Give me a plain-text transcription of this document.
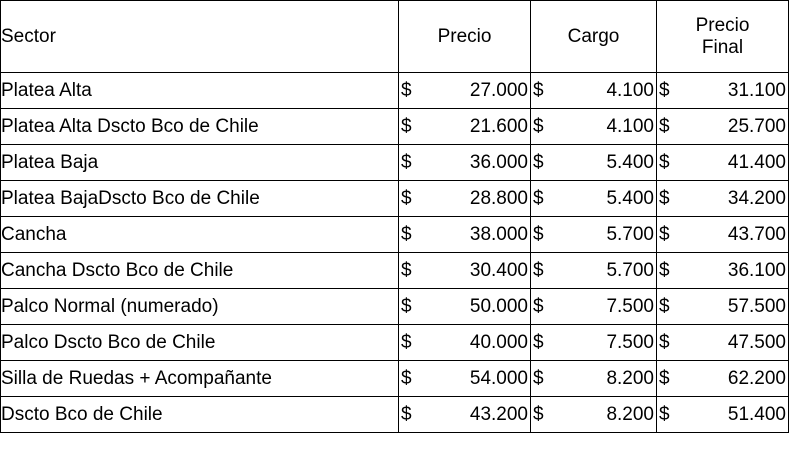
Sector	Precio	Cargo	Precio
Final

Platea Alta	$ 27.000	$ 4.100	$ 31.100

Platea Alta Dscto Bco de Chile	$ 21.600	$ 4.100	$ 25.700

Platea Baja	$ 36.000	$ 5.400	$ 41.400

Platea BajaDscto Bco de Chile	$ 28.800	$ 5.400	$ 34.200

Cancha	$ 38.000	$ 5.700	$ 43.700

Cancha Dscto Bco de Chile	$ 30.400	$ 5.700	$ 36.100

Palco Normal (numerado)	$ 50.000	$ 7.500	$ 57.500

Palco Dscto Bco de Chile	$ 40.000	$ 7.500	$ 47.500

Silla de Ruedas + Acompañante	$ 54.000	$ 8.200	$ 62.200

Dscto Bco de Chile	$ 43.200	$ 8.200	$ 51.400
